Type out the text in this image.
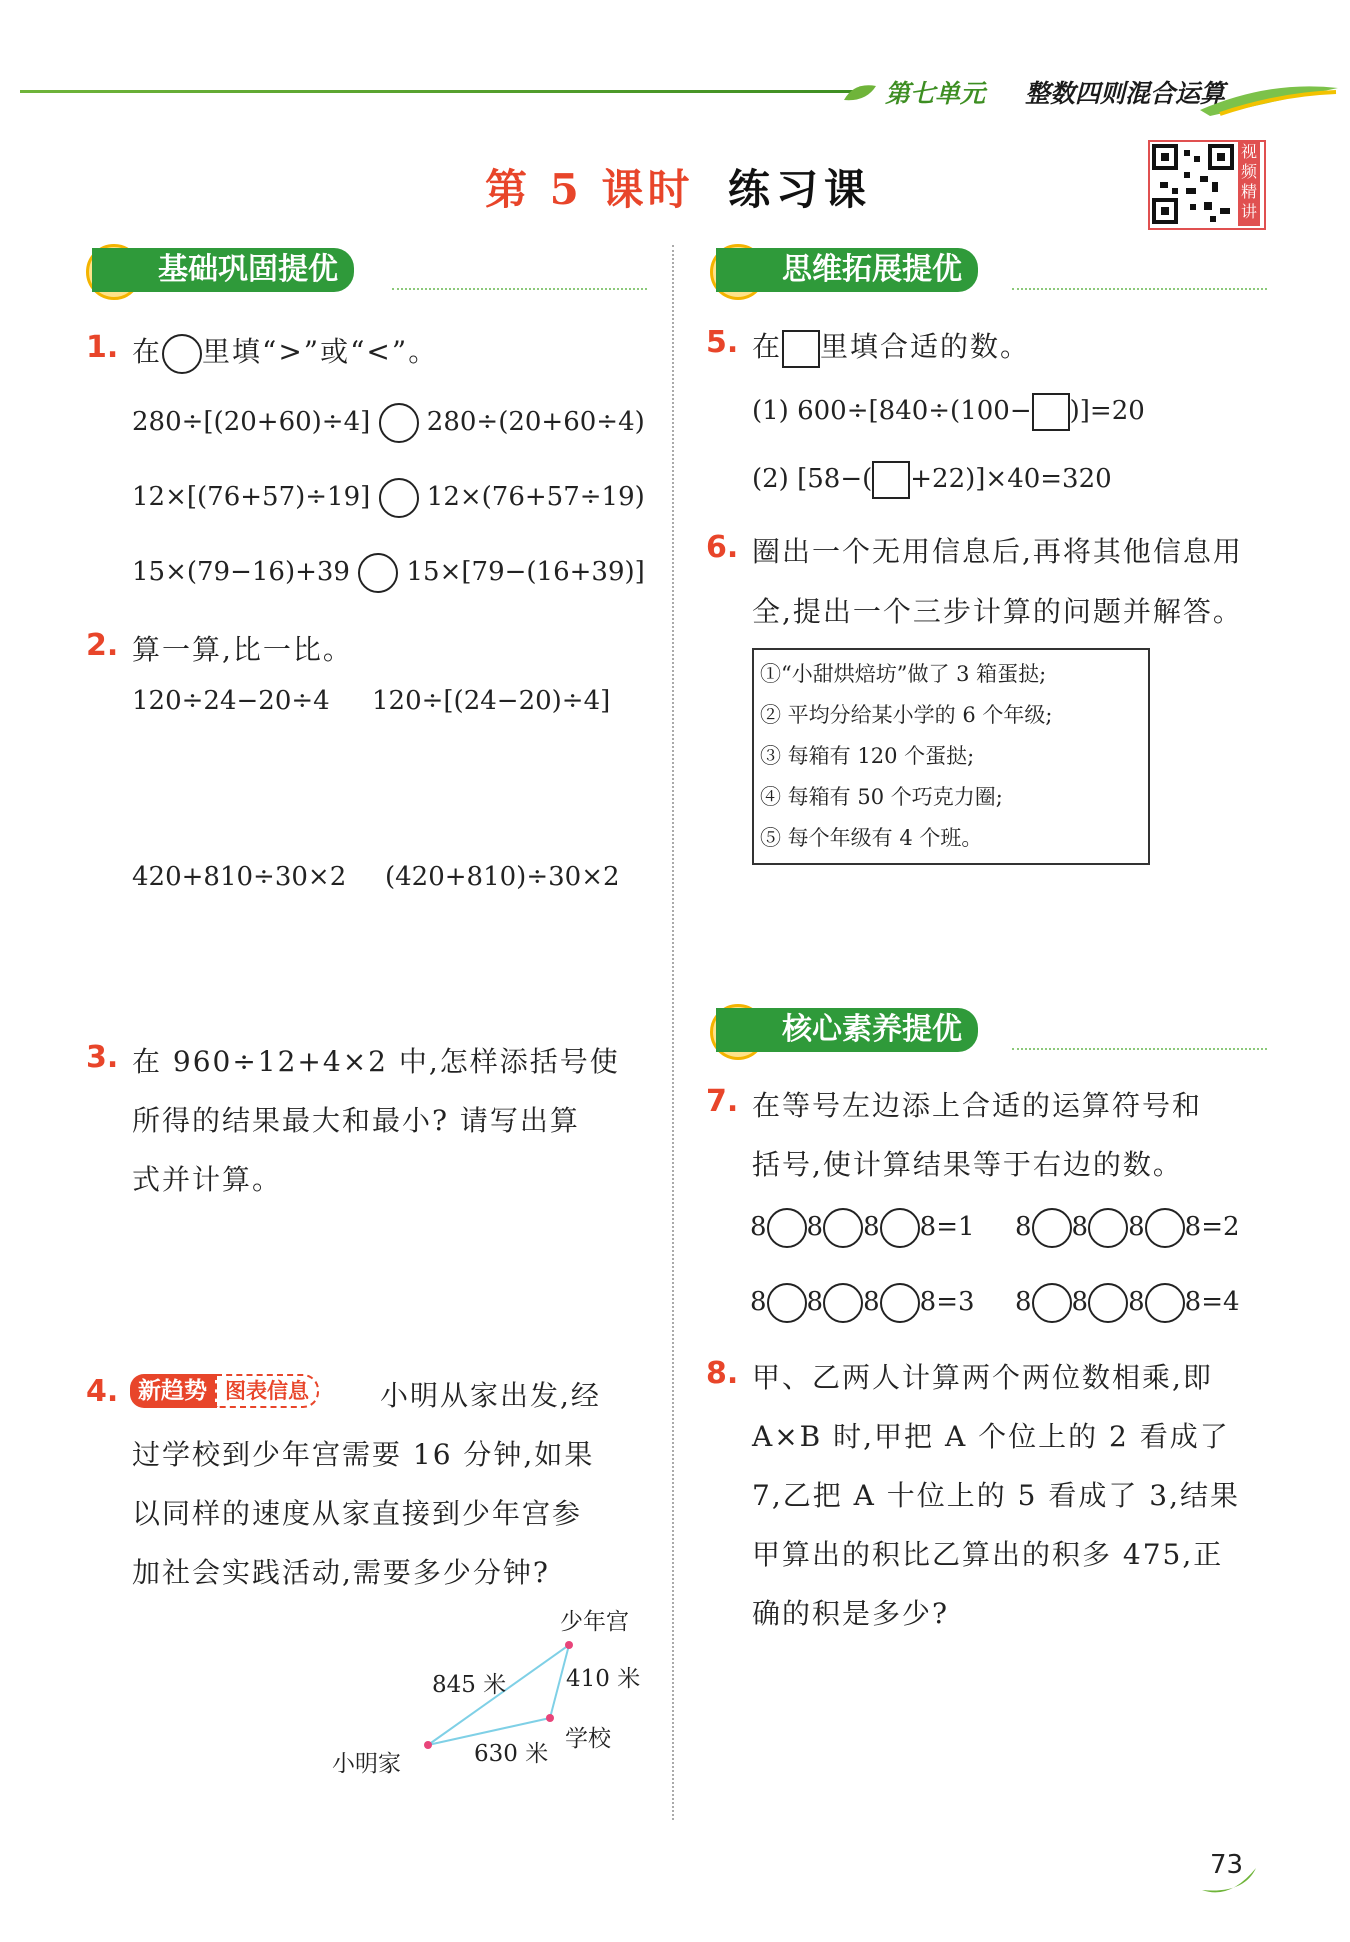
第七单元 整数四则混合运算
第 5 课时 练习课
视频精讲
基础巩固提优
1. 在 里填“>”或“<”。
280÷[(20+60)÷4] 280÷(20+60÷4)
12×[(76+57)÷19] 12×(76+57÷19)
15×(79−16)+39 15×[79−(16+39)]
2. 算一算,比一比。
120÷24−20÷4 120÷[(24−20)÷4]
420+810÷30×2 (420+810)÷30×2
3. 在 960÷12+4×2 中,怎样添括号使
所得的结果最大和最小? 请写出算
式并计算。
4. 新趋势 图表信息	小明从家出发,经
过学校到少年宫需要 16 分钟,如果
以同样的速度从家直接到少年宫参
加社会实践活动,需要多少分钟?
少年宫
845 米	410 米
学校
630 米
小明家
思维拓展提优
5. 在 里填合适的数。
(1) 600÷[840÷(100− )]=20
(2) [58−( +22)]×40=320
6. 圈出一个无用信息后,再将其他信息用
全,提出一个三步计算的问题并解答。
①“小甜烘焙坊”做了 3 箱蛋挞;
② 平均分给某小学的 6 个年级;
③ 每箱有 120 个蛋挞;
④ 每箱有 50 个巧克力圈;
⑤ 每个年级有 4 个班。
核心素养提优
7. 在等号左边添上合适的运算符号和
括号,使计算结果等于右边的数。
8 8 8 8=1 8 8 8 8=2
8 8 8 8=3 8 8 8 8=4
8. 甲、乙两人计算两个两位数相乘,即
A×B 时,甲把 A 个位上的 2 看成了
7,乙把 A 十位上的 5 看成了 3,结果
甲算出的积比乙算出的积多 475,正
确的积是多少?
73
